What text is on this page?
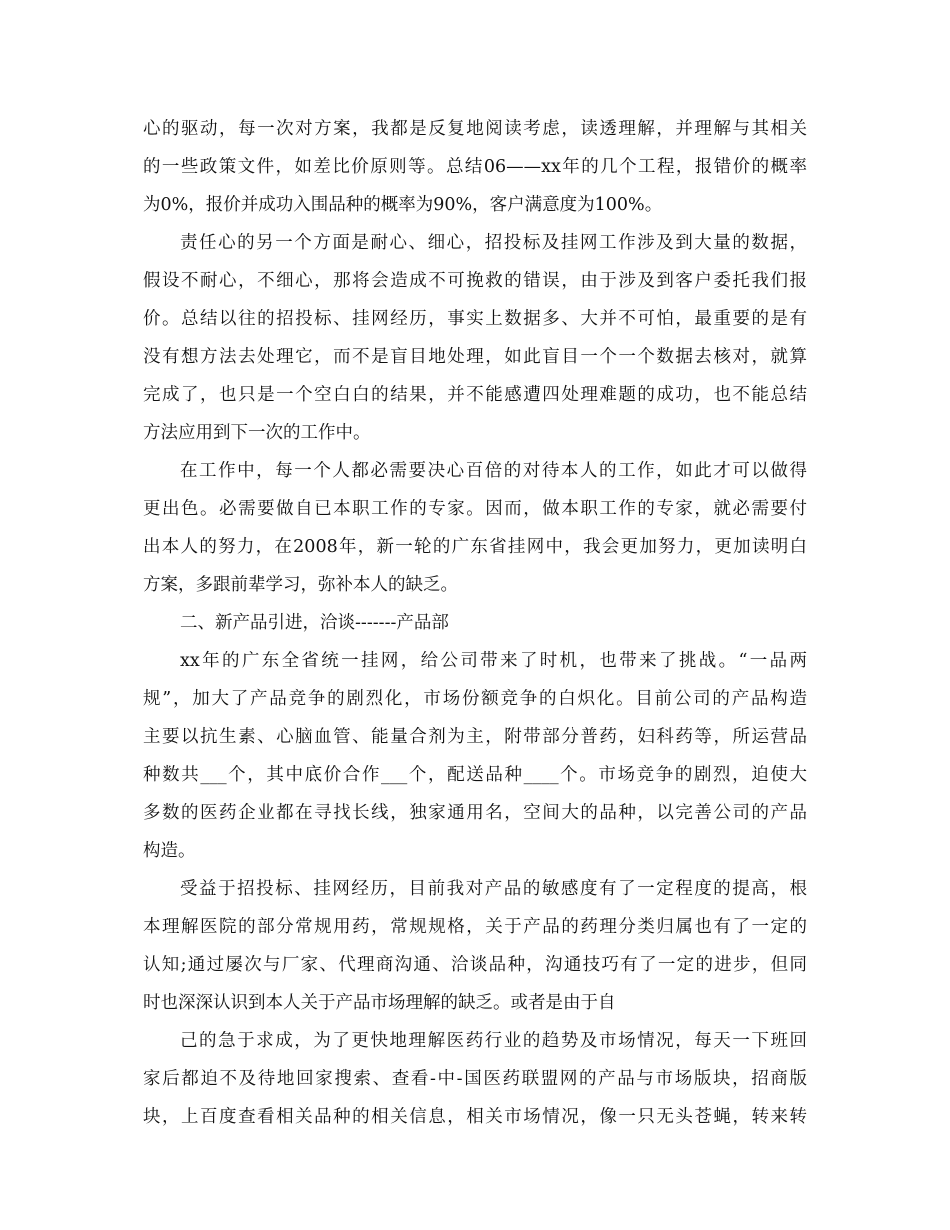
心的驱动，每一次对方案，我都是反复地阅读考虑，读透理解，并理解与其相关
的一些政策文件，如差比价原则等。总结06——xx年的几个工程，报错价的概率
为0%，报价并成功入围品种的概率为90%，客户满意度为100%。
责任心的另一个方面是耐心、细心，招投标及挂网工作涉及到大量的数据，
假设不耐心，不细心，那将会造成不可挽救的错误，由于涉及到客户委托我们报
价。总结以往的招投标、挂网经历，事实上数据多、大并不可怕，最重要的是有
没有想方法去处理它，而不是盲目地处理，如此盲目一个一个数据去核对，就算
完成了，也只是一个空白白的结果，并不能感遭四处理难题的成功，也不能总结
方法应用到下一次的工作中。
在工作中，每一个人都必需要决心百倍的对待本人的工作，如此才可以做得
更出色。必需要做自已本职工作的专家。因而，做本职工作的专家，就必需要付
出本人的努力，在2008年，新一轮的广东省挂网中，我会更加努力，更加读明白
方案，多跟前辈学习，弥补本人的缺乏。
二、新产品引进，洽谈-------产品部
xx年的广东全省统一挂网，给公司带来了时机，也带来了挑战。“一品两
规”，加大了产品竞争的剧烈化，市场份额竞争的白炽化。目前公司的产品构造
主要以抗生素、心脑血管、能量合剂为主，附带部分普药，妇科药等，所运营品
种数共___个，其中底价合作___个，配送品种____个。市场竞争的剧烈，迫使大
多数的医药企业都在寻找长线，独家通用名，空间大的品种，以完善公司的产品
构造。
受益于招投标、挂网经历，目前我对产品的敏感度有了一定程度的提高，根
本理解医院的部分常规用药，常规规格，关于产品的药理分类归属也有了一定的
认知;通过屡次与厂家、代理商沟通、洽谈品种，沟通技巧有了一定的进步，但同
时也深深认识到本人关于产品市场理解的缺乏。或者是由于自
己的急于求成，为了更快地理解医药行业的趋势及市场情况，每天一下班回
家后都迫不及待地回家搜索、查看-中-国医药联盟网的产品与市场版块，招商版
块，上百度查看相关品种的相关信息，相关市场情况，像一只无头苍蝇，转来转
